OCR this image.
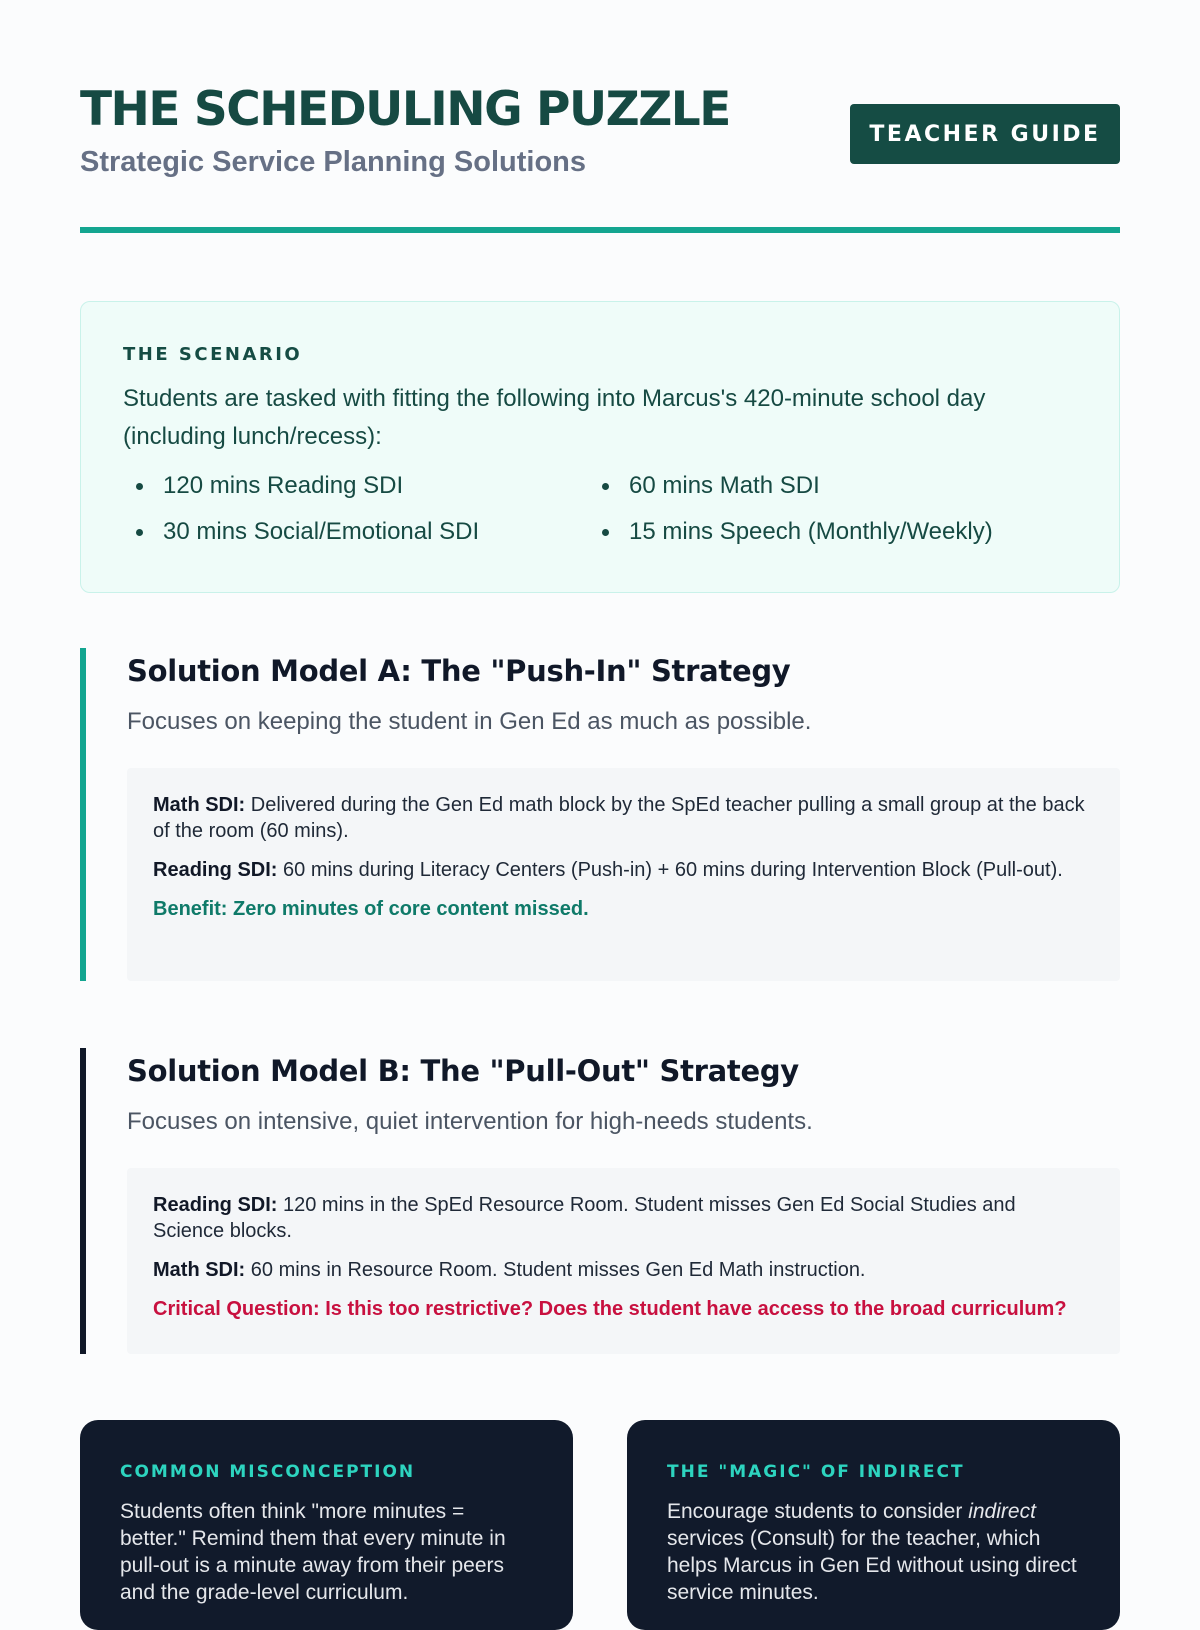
THE SCHEDULING PUZZLE
Strategic Service Planning Solutions
TEACHER GUIDE
THE SCENARIO
Students are tasked with fitting the following into Marcus's 420-minute school day (including lunch/recess):
120 mins Reading SDI	60 mins Math SDI
30 mins Social/Emotional SDI	15 mins Speech (Monthly/Weekly)
Solution Model A: The "Push-In" Strategy
Focuses on keeping the student in Gen Ed as much as possible.

Math SDI: Delivered during the Gen Ed math block by the SpEd teacher pulling a small group at the back of the room (60 mins).

Reading SDI: 60 mins during Literacy Centers (Push-in) + 60 mins during Intervention Block (Pull-out).

Benefit: Zero minutes of core content missed.

Solution Model B: The "Pull-Out" Strategy
Focuses on intensive, quiet intervention for high-needs students.

Reading SDI: 120 mins in the SpEd Resource Room. Student misses Gen Ed Social Studies and Science blocks.

Math SDI: 60 mins in Resource Room. Student misses Gen Ed Math instruction.

Critical Question: Is this too restrictive? Does the student have access to the broad curriculum?

COMMON MISCONCEPTION
Students often think "more minutes = better." Remind them that every minute in pull-out is a minute away from their peers and the grade-level curriculum.
THE "MAGIC" OF INDIRECT
Encourage students to consider indirect services (Consult) for the teacher, which helps Marcus in Gen Ed without using direct service minutes.
